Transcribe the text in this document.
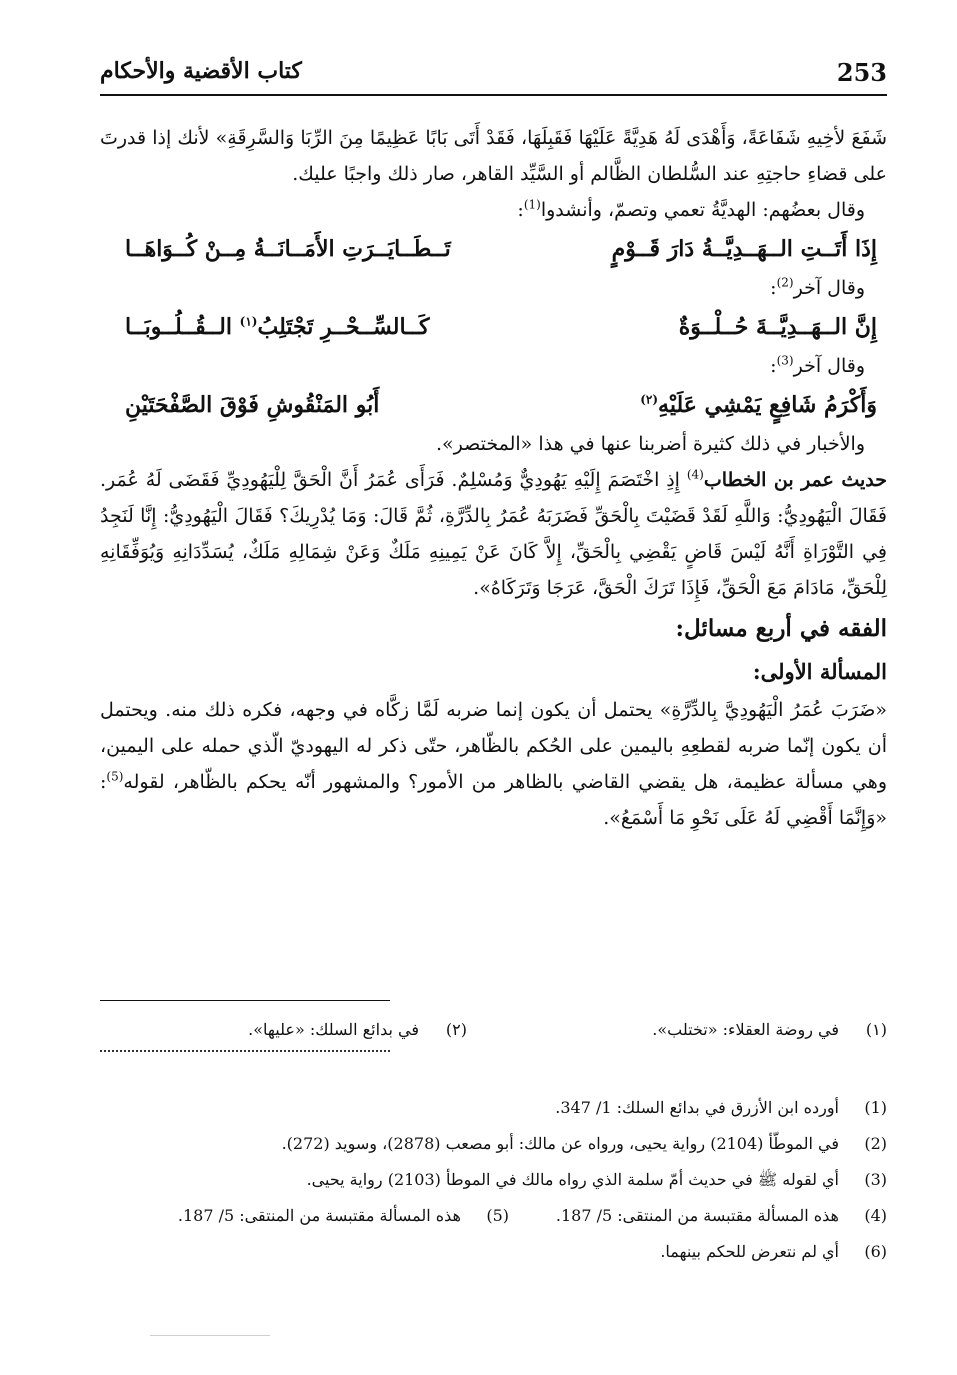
253
كتاب الأقضية والأحكام

شَفَعَ لأخِيهِ شَفَاعَةً، وَأَهْدَى لَهُ هَدِيَّةً عَلَيْهَا فَقَبِلَهَا، فَقَدْ أَتَى بَابًا عَظِيمًا مِنَ الرِّبَا وَالسَّرِقَةِ» لأنك إذا قدرتَ على قضاءِ حاجتِهِ عند السُّلطان الظَّالم أو السَّيِّد القاهر، صار ذلك واجبًا عليك.

وقال بعضُهم: الهديَّةُ تعمي وتصمّ، وأنشدوا$^{(1)}$:

إِذَا أَتَــتِ الــهَــدِيَّــةُ دَارَ قَــوْمٍ
تَــطَــايَــرَتِ الأَمَــانَــةُ مِــنْ كُــوَاهَــا

وقال آخر$^{(2)}$:

إِنَّ الــهَــدِيَّــةَ حُــلْــوَةٌ
كَــالسِّــحْــرِ تَجْتَلِبُ$^{(١)}$ الــقُــلُــوبَــا

وقال آخر$^{(3)}$:

وَأَكْرَمُ شَافِعٍ يَمْشِي عَلَيْهِ$^{(٢)}$
أَبُو المَنْقُوشِ فَوْقَ الصَّفْحَتَيْنِ

والأخبار في ذلك كثيرة أضربنا عنها في هذا «المختصر».

حديث عمر بن الخطاب$^{(4)}$ إِذِ اخْتَصَمَ إِلَيْهِ يَهُودِيٌّ وَمُسْلِمٌ. فَرَأَى عُمَرُ أَنَّ الْحَقَّ لِلْيَهُودِيِّ فَقَضَى لَهُ عُمَر. فَقَالَ الْيَهُودِيُّ: وَاللَّهِ لَقَدْ قَضَيْتَ بِالْحَقِّ فَضَرَبَهُ عُمَرُ بِالدِّرَّةِ، ثُمَّ قَالَ: وَمَا يُدْرِيكَ؟ فَقَالَ الْيَهُودِيُّ: إِنَّا لَنَجِدُ فِي التَّوْرَاةِ أَنَّهُ لَيْسَ قَاضٍ يَقْضِي بِالْحَقِّ، إِلاَّ كَانَ عَنْ يَمِينِهِ مَلَكٌ وَعَنْ شِمَالِهِ مَلَكٌ، يُسَدِّدَانِهِ وَيُوَفِّقَانِهِ لِلْحَقِّ، مَادَامَ مَعَ الْحَقِّ، فَإِذَا تَرَكَ الْحَقَّ، عَرَجَا وَتَرَكَاهُ».

الفقه في أربع مسائل:

المسألة الأولى:

«ضَرَبَ عُمَرُ الْيَهُودِيَّ بِالدِّرَّةِ» يحتمل أن يكون إنما ضربه لَمَّا زكَّاه في وجهه، فكره ذلك منه. ويحتمل أن يكون إنّما ضربه لقطعِهِ باليمين على الحُكم بالظّاهر، حتّى ذكر له اليهوديّ الّذي حمله على اليمين، وهي مسألة عظيمة، هل يقضي القاضي بالظاهر من الأمور؟ والمشهور أنّه يحكم بالظّاهر، لقوله$^{(5)}$: «وَإِنَّمَا أَقْضِي لَهُ عَلَى نَحْوِ مَا أَسْمَعُ».

(١)
في روضة العقلاء: «تختلب».
(٢)
في بدائع السلك: «عليها».
(1)
أورده ابن الأزرق في بدائع السلك: 1/ 347.
(2)
في الموطّأ (2104) رواية يحيى، ورواه عن مالك: أبو مصعب (2878)، وسويد (272).
(3)
أي لقوله ﷺ في حديث أمّ سلمة الذي رواه مالك في الموطأ (2103) رواية يحيى.
(4)
هذه المسألة مقتبسة من المنتقى: 5/ 187.
(5)
هذه المسألة مقتبسة من المنتقى: 5/ 187.
(6)
أي لم نتعرض للحكم بينهما.
